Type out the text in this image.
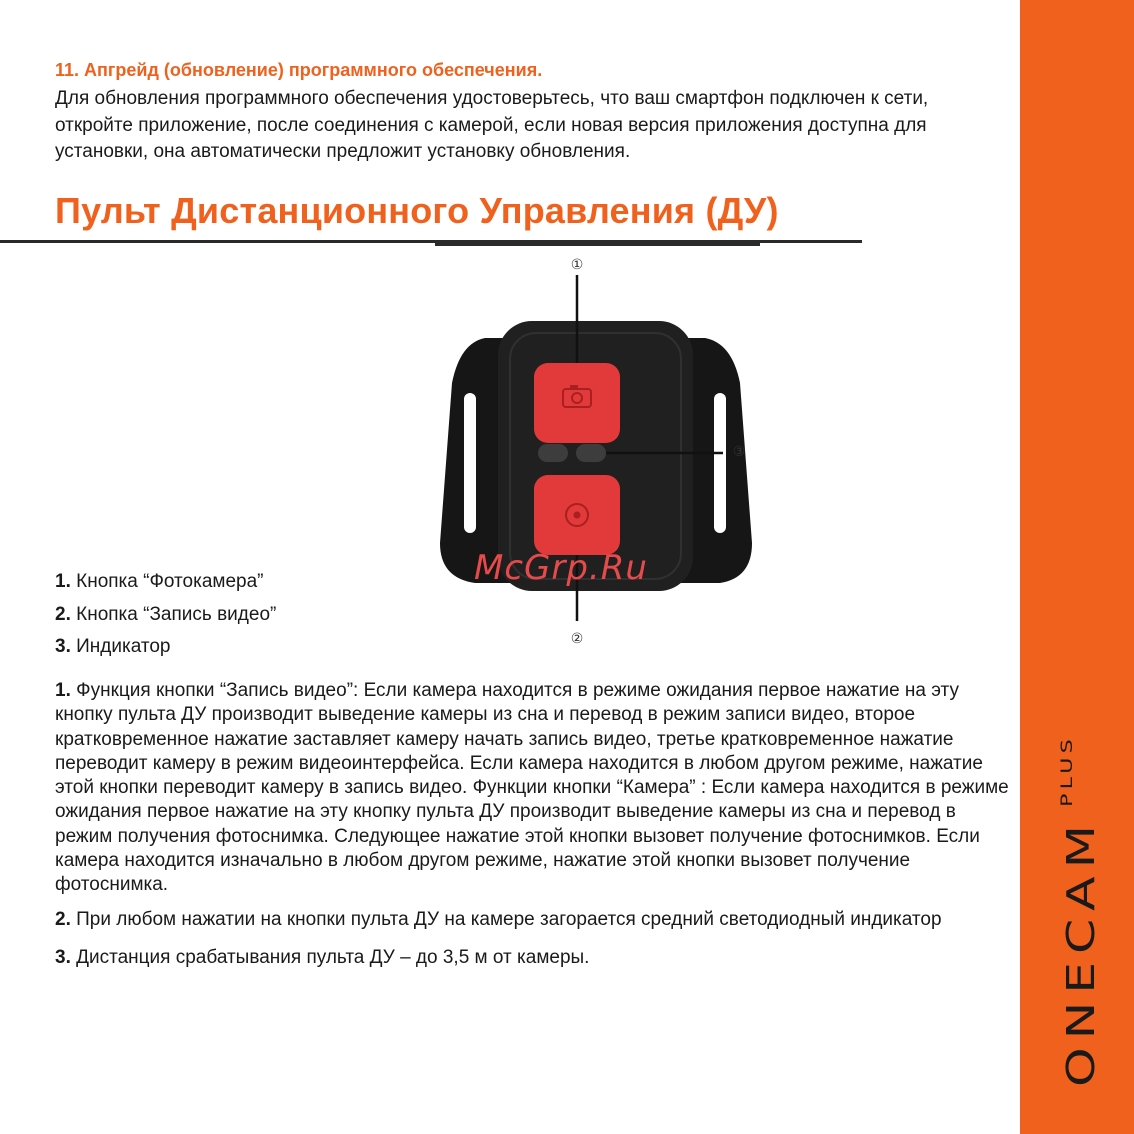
ONECAM
PLUS
11. Апгрейд (обновление) программного обеспечения.

Для обновления программного обеспечения удостоверьтесь, что ваш смартфон подключен к сети, откройте приложение, после соединения с камерой, если новая версия приложения доступна для установки, она автоматически предложит установку обновления.

Пульт Дистанционного Управления (ДУ)
①
②
③

McGrp.Ru

1. Кнопка “Фотокамера”
2. Кнопка “Запись видео”
3. Индикатор

1. Функция кнопки “Запись видео”: Если камера находится в режиме ожидания первое нажатие на эту кнопку пульта ДУ производит выведение камеры из сна и перевод в режим записи видео, второе кратковременное нажатие заставляет камеру начать запись видео, третье кратковременное нажатие переводит камеру в режим видеоинтерфейса. Если камера находится в любом другом режиме, нажатие этой кнопки переводит камеру в запись видео. Функции кнопки “Камера” : Если камера находится в режиме ожидания первое нажатие на эту кнопку пульта ДУ производит выведение камеры из сна и перевод в режим получения фотоснимка. Следующее нажатие этой кнопки вызовет получение фотоснимков. Если камера находится изначально в любом другом режиме, нажатие этой кнопки вызовет получение фотоснимка.

2. При любом нажатии на кнопки пульта ДУ на камере загорается средний светодиодный индикатор

3. Дистанция срабатывания пульта ДУ – до 3,5 м от камеры.
